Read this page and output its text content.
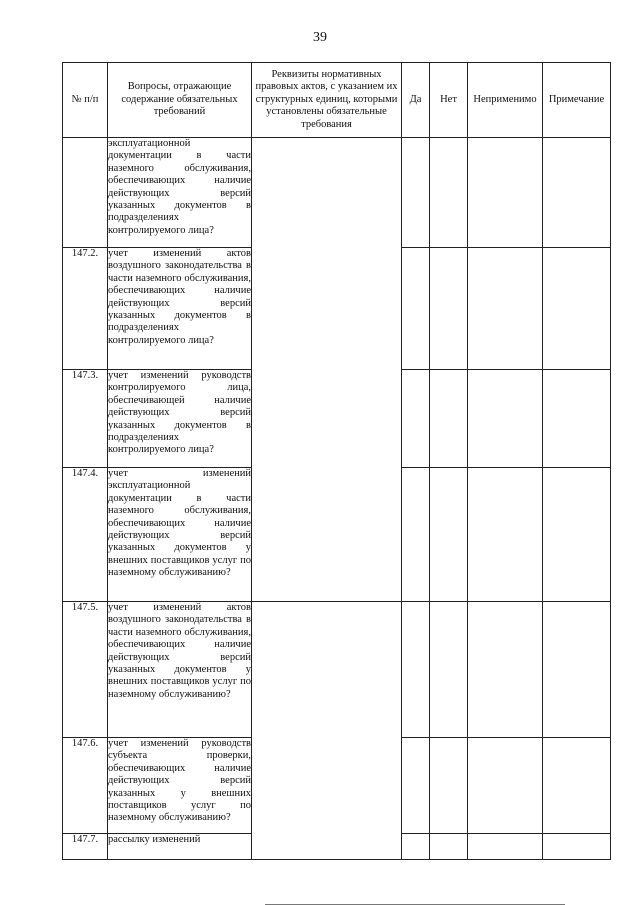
39
№ п/п	Вопросы, отражающие содержание обязательных требований	Реквизиты нормативных правовых актов, с указанием их структурных единиц, которыми установлены обязательные требования	Да	Нет	Неприменимо	Примечание
	эксплуатационной документации в части наземного обслуживания, обеспечивающих наличие действующих версий указанных документов в подразделениях контролируемого лица?					
147.2.	учет изменений актов воздушного законодательства в части наземного обслуживания, обеспечивающих наличие действующих версий указанных документов в подразделениях контролируемого лица?					
147.3.	учет изменений руководств контролируемого лица, обеспечивающей наличие действующих версий указанных документов в подразделениях контролируемого лица?					
147.4.	учет изменений эксплуатационной документации в части наземного обслуживания, обеспечивающих наличие действующих версий указанных документов у внешних поставщиков услуг по наземному обслуживанию?					
147.5.	учет изменений актов воздушного законодательства в части наземного обслуживания, обеспечивающих наличие действующих версий указанных документов у внешних поставщиков услуг по наземному обслуживанию?					
147.6.	учет изменений руководств субъекта проверки, обеспечивающих наличие действующих версий указанных у внешних поставщиков услуг по наземному обслуживанию?					
147.7.	рассылку изменений					
